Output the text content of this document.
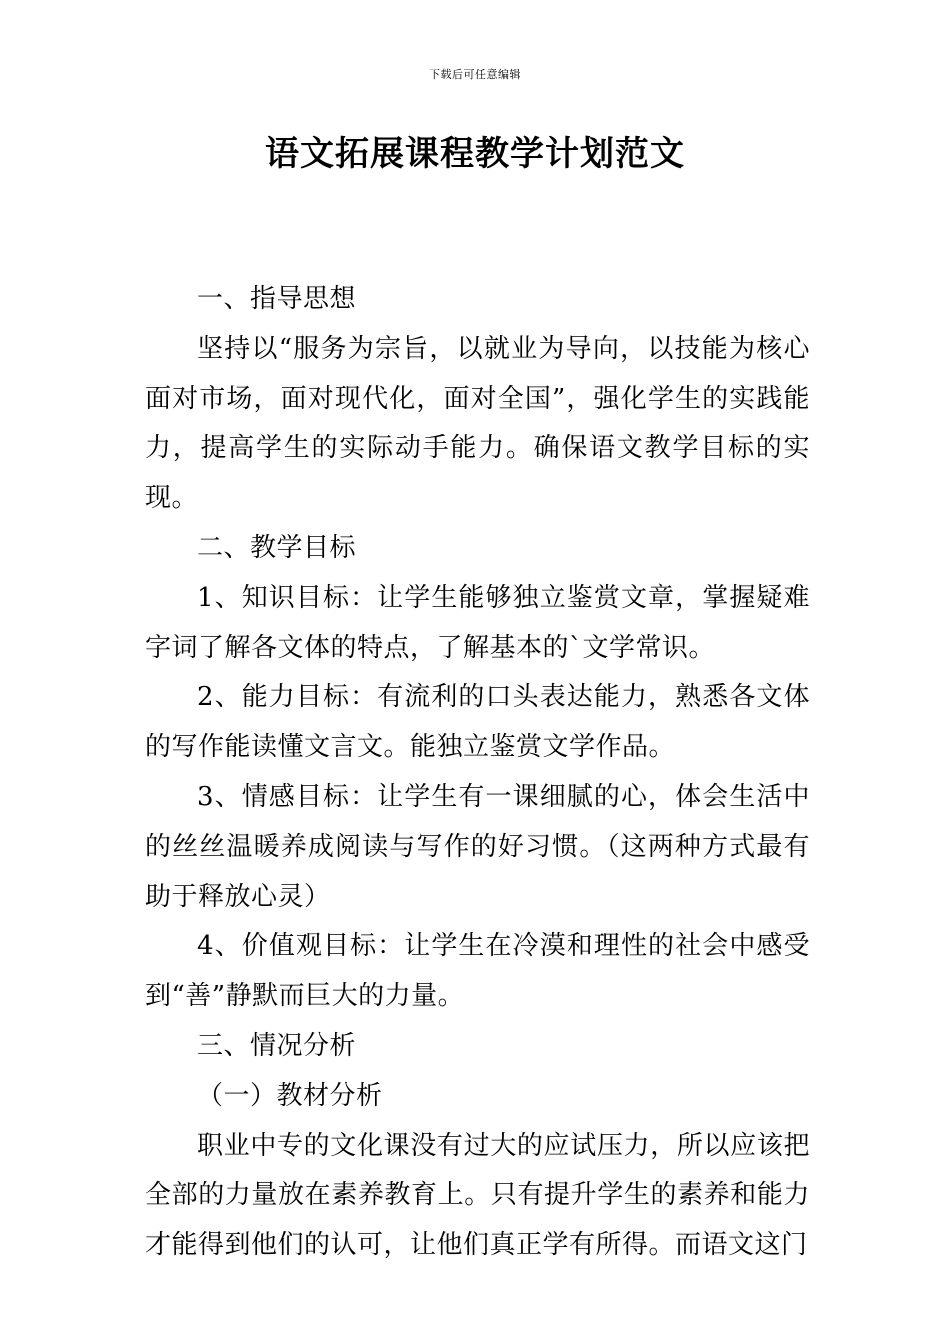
下载后可任意编辑
语文拓展课程教学计划范文

一、指导思想

坚持以“服务为宗旨，以就业为导向，以技能为核心面对市场，面对现代化，面对全国”，强化学生的实践能力，提高学生的实际动手能力。确保语文教学目标的实现。

二、教学目标

1、知识目标：让学生能够独立鉴赏文章，掌握疑难字词了解各文体的特点，了解基本的`文学常识。

2、能力目标：有流利的口头表达能力，熟悉各文体的写作能读懂文言文。能独立鉴赏文学作品。

3、情感目标：让学生有一课细腻的心，体会生活中的丝丝温暖养成阅读与写作的好习惯。（这两种方式最有助于释放心灵）

4、价值观目标：让学生在冷漠和理性的社会中感受到“善”静默而巨大的力量。

三、情况分析

（一）教材分析

职业中专的文化课没有过大的应试压力，所以应该把全部的力量放在素养教育上。只有提升学生的素养和能力才能得到他们的认可，让他们真正学有所得。而语文这门
